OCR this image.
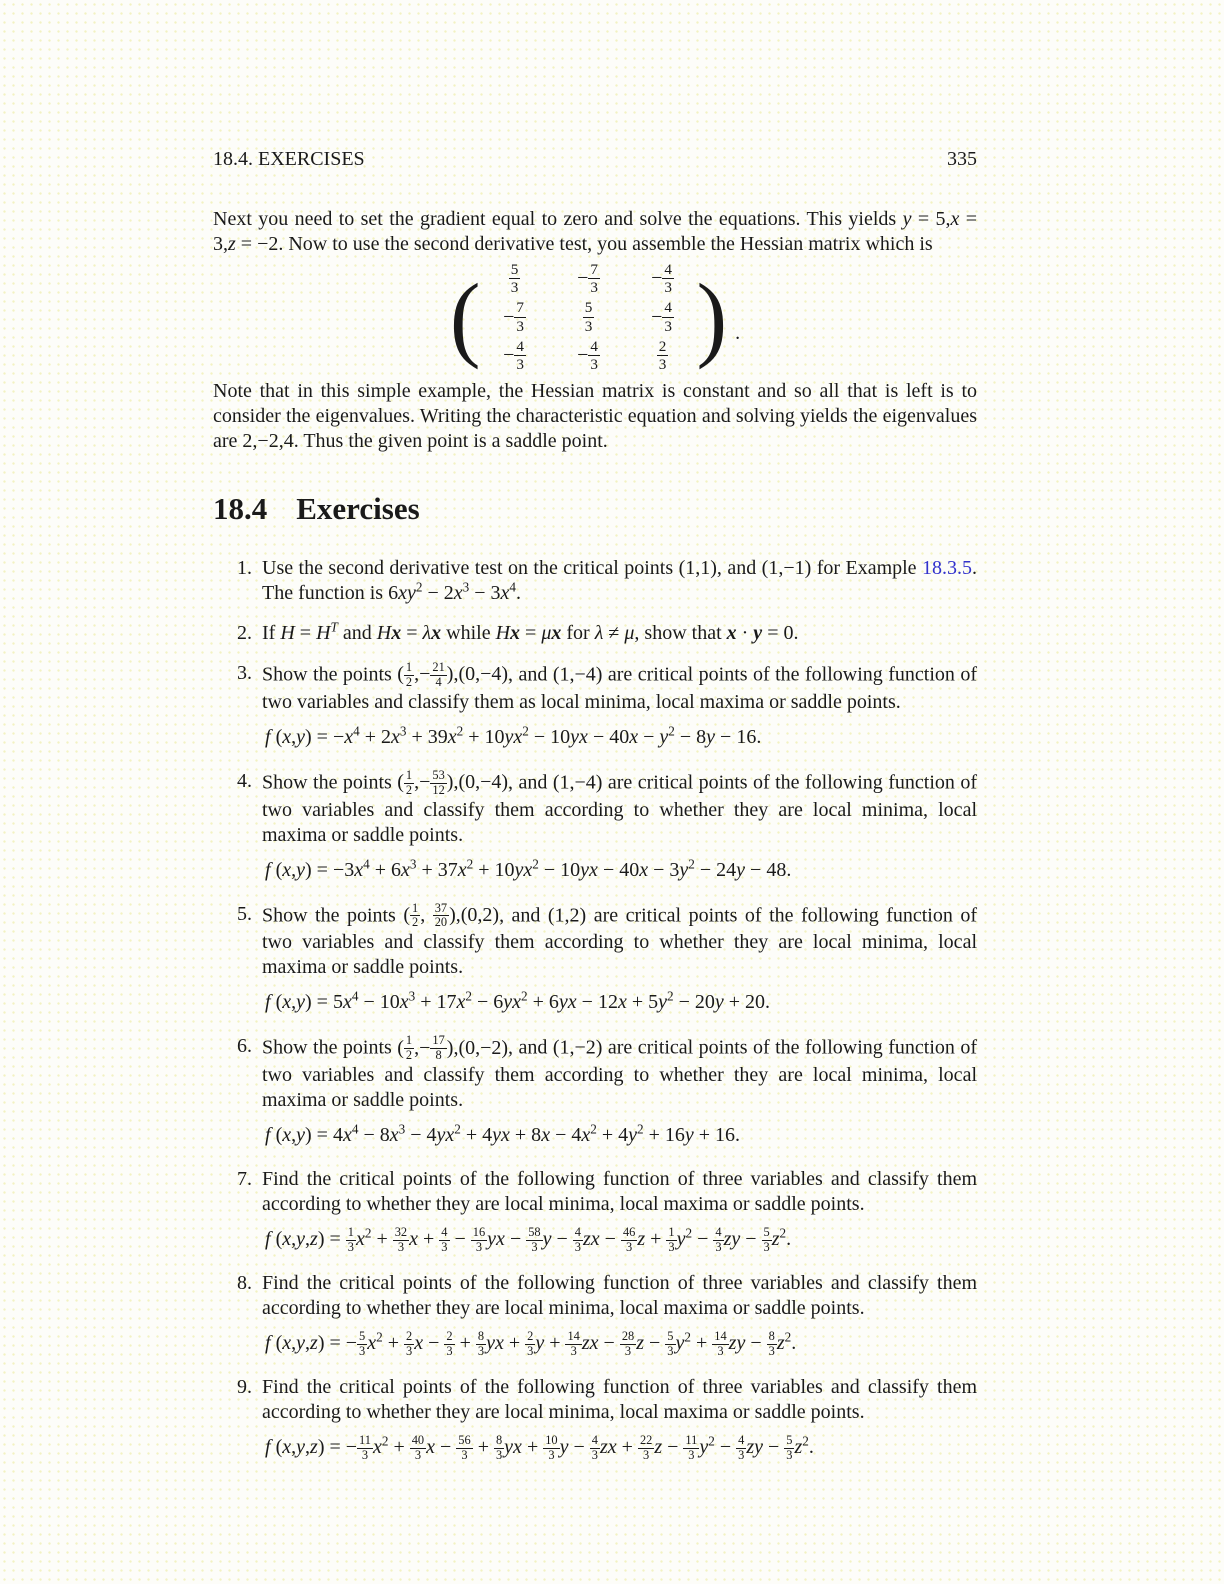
18.4. EXERCISES	335

Next you need to set the gradient equal to zero and solve the equations. This yields y = 5,x = 3,z = −2. Now to use the second derivative test, you assemble the Hessian matrix which is

( $\frac{5}{3}$	− $\frac{7}{3}$	− $\frac{4}{3}$
− $\frac{7}{3}$	$\frac{5}{3}$	− $\frac{4}{3}$
− $\frac{4}{3}$	− $\frac{4}{3}$	$\frac{2}{3}$ ) .

Note that in this simple example, the Hessian matrix is constant and so all that is left is to consider the eigenvalues. Writing the characteristic equation and solving yields the eigenvalues are 2,−2,4. Thus the given point is a saddle point.

18.4 Exercises
1. Use the second derivative test on the critical points (1,1), and (1,−1) for Example 18.3.5. The function is $6xy^2 - 2x^3 - 3x^4$.
2. If $H = H^T$ and Hx = λx while Hx = μx for λ ≠ μ, show that x · y = 0.
3. Show the points ( $\frac{1}{2}$ ,− $\frac{21}{4} ),(0,-4)$, and (1,−4) are critical points of the following function of two variables and classify them as local minima, local maxima or saddle points.
f $(x,y) = -x^4 + 2x^3 + 39x^2 + 10yx^2 - 10yx - 40x - y^2 - 8y - 16$.
4. Show the points ( $\frac{1}{2}$ ,− $\frac{53}{12} ),(0,-4)$, and (1,−4) are critical points of the following function of two variables and classify them according to whether they are local minima, local maxima or saddle points.
f $(x,y) = -3x^4 + 6x^3 + 37x^2 + 10yx^2 - 10yx - 40x - 3y^2 - 24y - 48$.
5. Show the points ( $\frac{1}{2}$ , $\frac{37}{20} ),(0,2)$, and (1,2) are critical points of the following function of two variables and classify them according to whether they are local minima, local maxima or saddle points.
f $(x,y) = 5x^4 - 10x^3 + 17x^2 - 6yx^2 + 6yx - 12x + 5y^2 - 20y + 20$.
6. Show the points ( $\frac{1}{2}$ ,− $\frac{17}{8} ),(0,-2)$, and (1,−2) are critical points of the following function of two variables and classify them according to whether they are local minima, local maxima or saddle points.
f $(x,y) = 4x^4 - 8x^3 - 4yx^2 + 4yx + 8x - 4x^2 + 4y^2 + 16y + 16$.
7. Find the critical points of the following function of three variables and classify them according to whether they are local minima, local maxima or saddle points.
f $(x,y,z) = \frac{1}{3} x^2 + \frac{32}{3}$ $x + \frac{4}{3} - \frac{16}{3}$ yx − $\frac{58}{3}$ $y - \frac{4}{3}$ zx − $\frac{46}{3}$ $z + \frac{1}{3} y^2 - \frac{4}{3}$ zy − $\frac{5}{3} z^2$.
8. Find the critical points of the following function of three variables and classify them according to whether they are local minima, local maxima or saddle points.
f (x,y,z) = − $\frac{5}{3} x^2 + \frac{2}{3}$ $x - \frac{2}{3} + \frac{8}{3}$ yx + $\frac{2}{3}$ $y + \frac{14}{3}$ zx − $\frac{28}{3}$ $z - \frac{5}{3} y^2 + \frac{14}{3}$ zy − $\frac{8}{3} z^2$.
9. Find the critical points of the following function of three variables and classify them according to whether they are local minima, local maxima or saddle points.
f (x,y,z) = − $\frac{11}{3} x^2 + \frac{40}{3}$ $x - \frac{56}{3} + \frac{8}{3}$ yx + $\frac{10}{3}$ $y - \frac{4}{3}$ zx + $\frac{22}{3}$ $z - \frac{11}{3} y^2 - \frac{4}{3}$ zy − $\frac{5}{3} z^2$.
